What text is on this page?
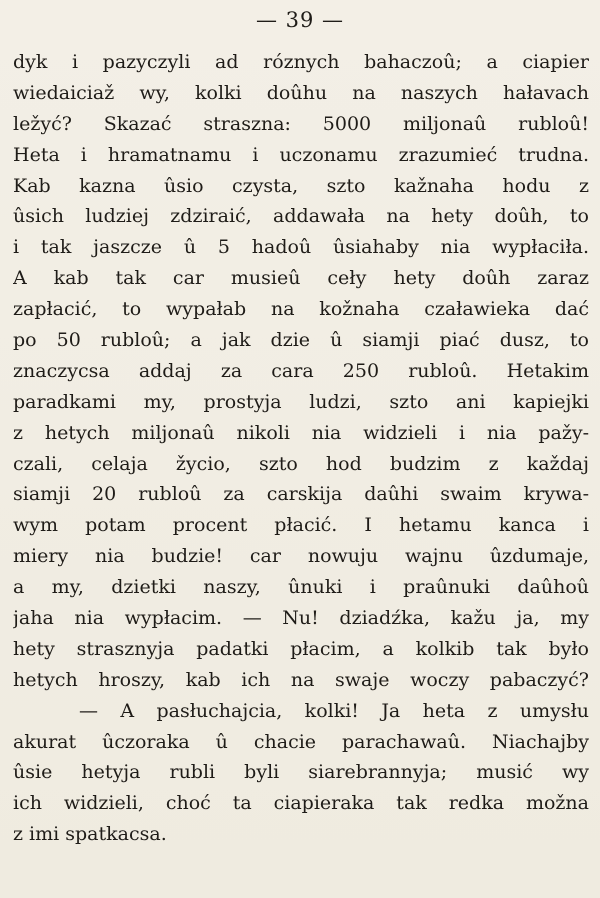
— 39 —
dyk i pazyczyli ad róznych bahaczoû; a ciapier
wiedaiciaž wy, kolki doûhu na naszych hałavach
ležyć? Skazać strasznа: 5000 miljonaû rubloû!
Heta i hramatnamu i uczonamu zrazumieć trudna.
Kab kazna ûsio czysta, szto kažnaha hodu z
ûsich ludziej zdziraić, addawała na hety doûh, to
i tak jaszcze û 5 hadoû ûsiahaby nia wypłaciła.
A kab tak car musieû cełу hety doûh zaraz
zapłacić, to wypałab na kožnaha czaławieka dać
po 50 rubloû; a jak dzie û siamji piać dusz, to
znaczycsa addaj za cara 250 rubloû. Hetakim
paradkami my, prostyja ludzi, szto ani kapiejki
z hetych miljonaû nikoli nia widzieli i nia pažy-
czali, celaja žycio, szto hod budzim z kаždaj
siamji 20 rubloû za carskija daûhi swaim krywa-
wym potam procent płacić. I hetamu kanca i
miery nia budzie! car nowuju wajnu ûzdumaje,
a my, dzietki naszy, ûnuki i praûnuki daûhoû
jaha nia wypłacim. — Nu! dziadźka, kažu ja, my
hety strasznyja padatki płacim, a kolkib tak było
hetych hroszy, kab ich na swaje woczy pabaczyć?
— A pasłuchajcia, kolki! Ja heta z umysłu
akurat ûczoraka û chacie parachawaû. Niachajby
ûsie hetyja rubli byli siarebrannyja; musić wy
ich widzieli, choć ta ciapieraka tak redka možna
z imi spatkacsa.
